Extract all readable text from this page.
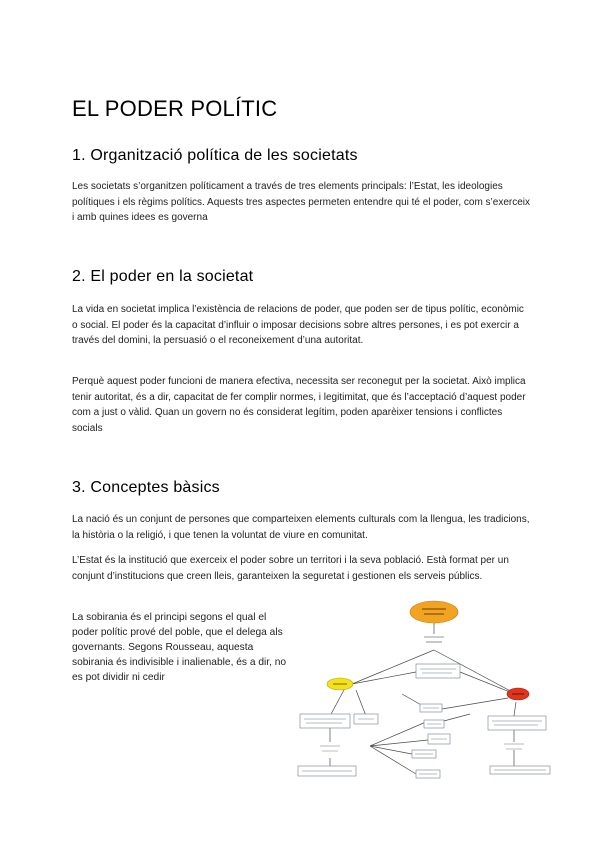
EL PODER POLÍTIC
1. Organització política de les societats

Les societats s’organitzen políticament a través de tres elements principals: l’Estat, les ideologies polítiques i els règims polítics. Aquests tres aspectes permeten entendre qui té el poder, com s’exerceix i amb quines idees es governa

2. El poder en la societat

La vida en societat implica l’existència de relacions de poder, que poden ser de tipus polític, econòmic o social. El poder és la capacitat d’influir o imposar decisions sobre altres persones, i es pot exercir a través del domini, la persuasió o el reconeixement d’una autoritat.

Perquè aquest poder funcioni de manera efectiva, necessita ser reconegut per la societat. Això implica tenir autoritat, és a dir, capacitat de fer complir normes, i legitimitat, que és l’acceptació d’aquest poder com a just o vàlid. Quan un govern no és considerat legítim, poden aparèixer tensions i conflictes socials

3. Conceptes bàsics

La nació és un conjunt de persones que comparteixen elements culturals com la llengua, les tradicions, la història o la religió, i que tenen la voluntat de viure en comunitat.

L’Estat és la institució que exerceix el poder sobre un territori i la seva població. Està format per un conjunt d’institucions que creen lleis, garanteixen la seguretat i gestionen els serveis públics.

La sobirania és el principi segons el qual el poder polític prové del poble, que el delega als governants. Segons Rousseau, aquesta sobirania és indivisible i inalienable, és a dir, no es pot dividir ni cedir
